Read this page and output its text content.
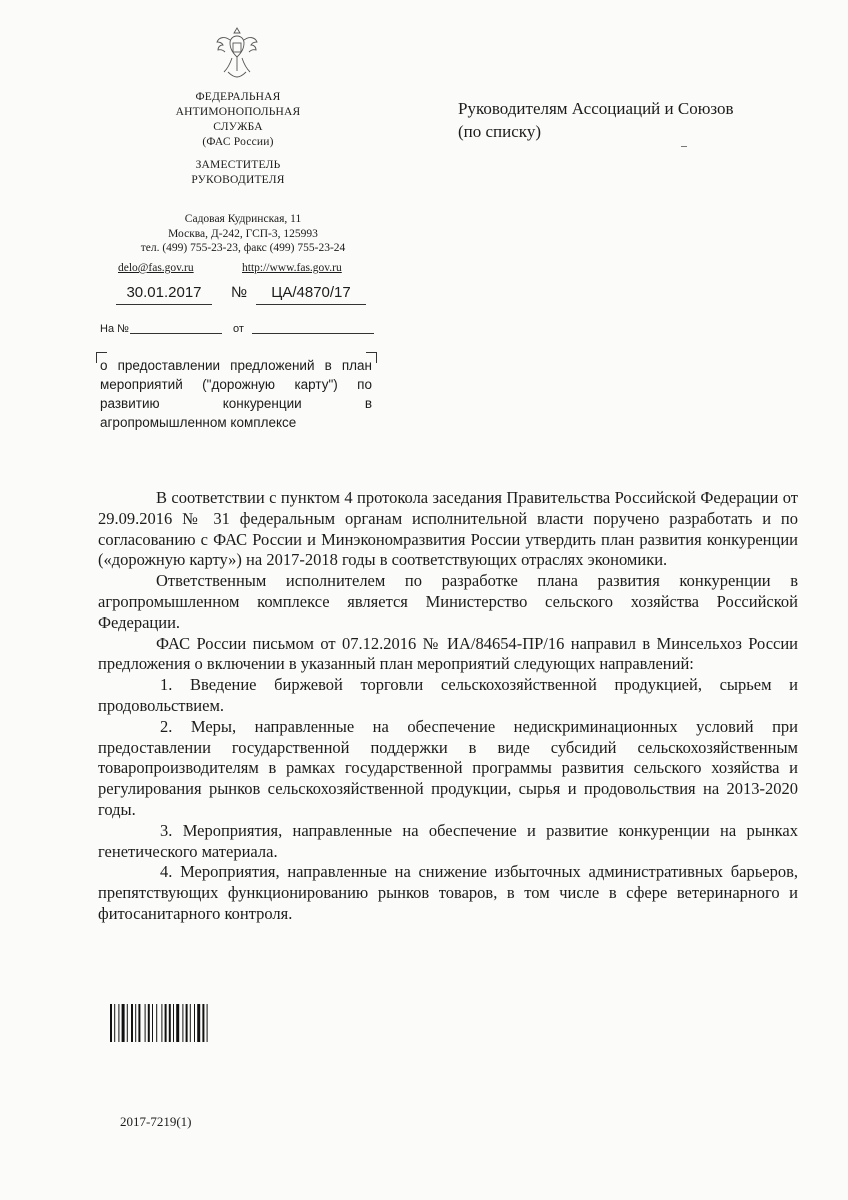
ФЕДЕРАЛЬНАЯ
АНТИМОНОПОЛЬНАЯ
СЛУЖБА
(ФАС России)
ЗАМЕСТИТЕЛЬ
РУКОВОДИТЕЛЯ
Садовая Кудринская, 11
Москва, Д-242, ГСП-3, 125993
тел. (499) 755-23-23, факс (499) 755-23-24
delo@fas.gov.ru	http://www.fas.gov.ru
30.01.2017	№	ЦА/4870/17
На №	от
о предоставлении предложений в план мероприятий ("дорожную карту") по развитию конкуренции в агропромышленном комплексе
Руководителям Ассоциаций и Союзов
(по списку)

В соответствии с пунктом 4 протокола заседания Правительства Российской Федерации от 29.09.2016 № 31 федеральным органам исполнительной власти поручено разработать и по согласованию с ФАС России и Минэкономразвития России утвердить план развития конкуренции («дорожную карту») на 2017-2018 годы в соответствующих отраслях экономики.

Ответственным исполнителем по разработке плана развития конкуренции в агропромышленном комплексе является Министерство сельского хозяйства Российской Федерации.

ФАС России письмом от 07.12.2016 № ИА/84654-ПР/16 направил в Минсельхоз России предложения о включении в указанный план мероприятий следующих направлений:

1. Введение биржевой торговли сельскохозяйственной продукцией, сырьем и продовольствием.

2. Меры, направленные на обеспечение недискриминационных условий при предоставлении государственной поддержки в виде субсидий сельскохозяйственным товаропроизводителям в рамках государственной программы развития сельского хозяйства и регулирования рынков сельскохозяйственной продукции, сырья и продовольствия на 2013-2020 годы.

3. Мероприятия, направленные на обеспечение и развитие конкуренции на рынках генетического материала.

4. Мероприятия, направленные на снижение избыточных административных барьеров, препятствующих функционированию рынков товаров, в том числе в сфере ветеринарного и фитосанитарного контроля.

2017-7219(1)
